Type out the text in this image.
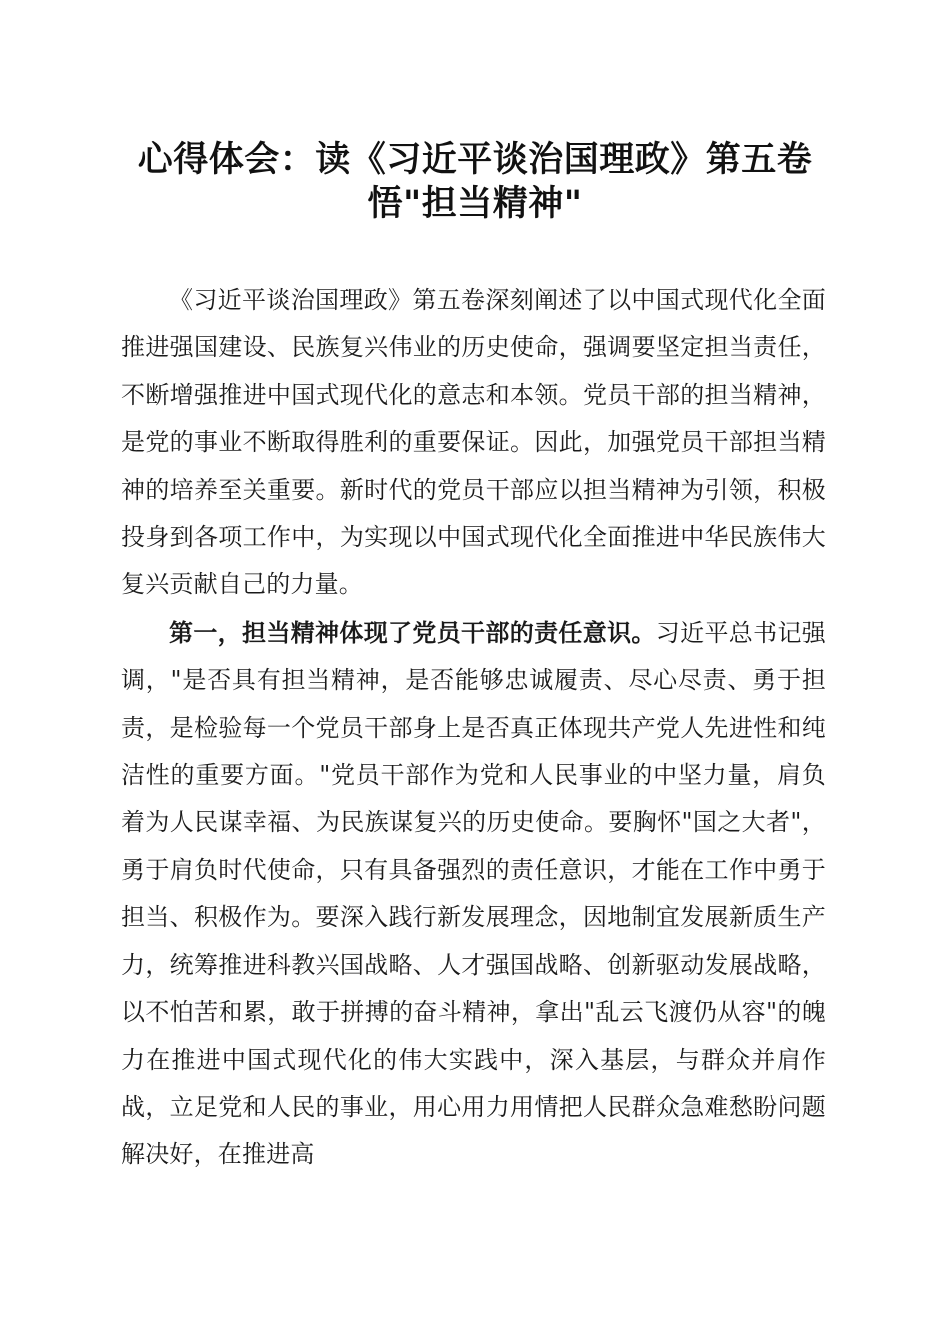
心得体会：读《习近平谈治国理政》第五卷
悟"担当精神"

《习近平谈治国理政》第五卷深刻阐述了以中国式现代化全面推进强国建设、民族复兴伟业的历史使命，强调要坚定担当责任，不断增强推进中国式现代化的意志和本领。党员干部的担当精神，是党的事业不断取得胜利的重要保证。因此，加强党员干部担当精神的培养至关重要。新时代的党员干部应以担当精神为引领，积极投身到各项工作中，为实现以中国式现代化全面推进中华民族伟大复兴贡献自己的力量。

第一，担当精神体现了党员干部的责任意识。习近平总书记强调，"是否具有担当精神，是否能够忠诚履责、尽心尽责、勇于担责，是检验每一个党员干部身上是否真正体现共产党人先进性和纯洁性的重要方面。"党员干部作为党和人民事业的中坚力量，肩负着为人民谋幸福、为民族谋复兴的历史使命。要胸怀"国之大者"，勇于肩负时代使命，只有具备强烈的责任意识，才能在工作中勇于担当、积极作为。要深入践行新发展理念，因地制宜发展新质生产力，统筹推进科教兴国战略、人才强国战略、创新驱动发展战略，以不怕苦和累，敢于拼搏的奋斗精神，拿出"乱云飞渡仍从容"的魄力在推进中国式现代化的伟大实践中，深入基层，与群众并肩作战，立足党和人民的事业，用心用力用情把人民群众急难愁盼问题解决好，在推进高
